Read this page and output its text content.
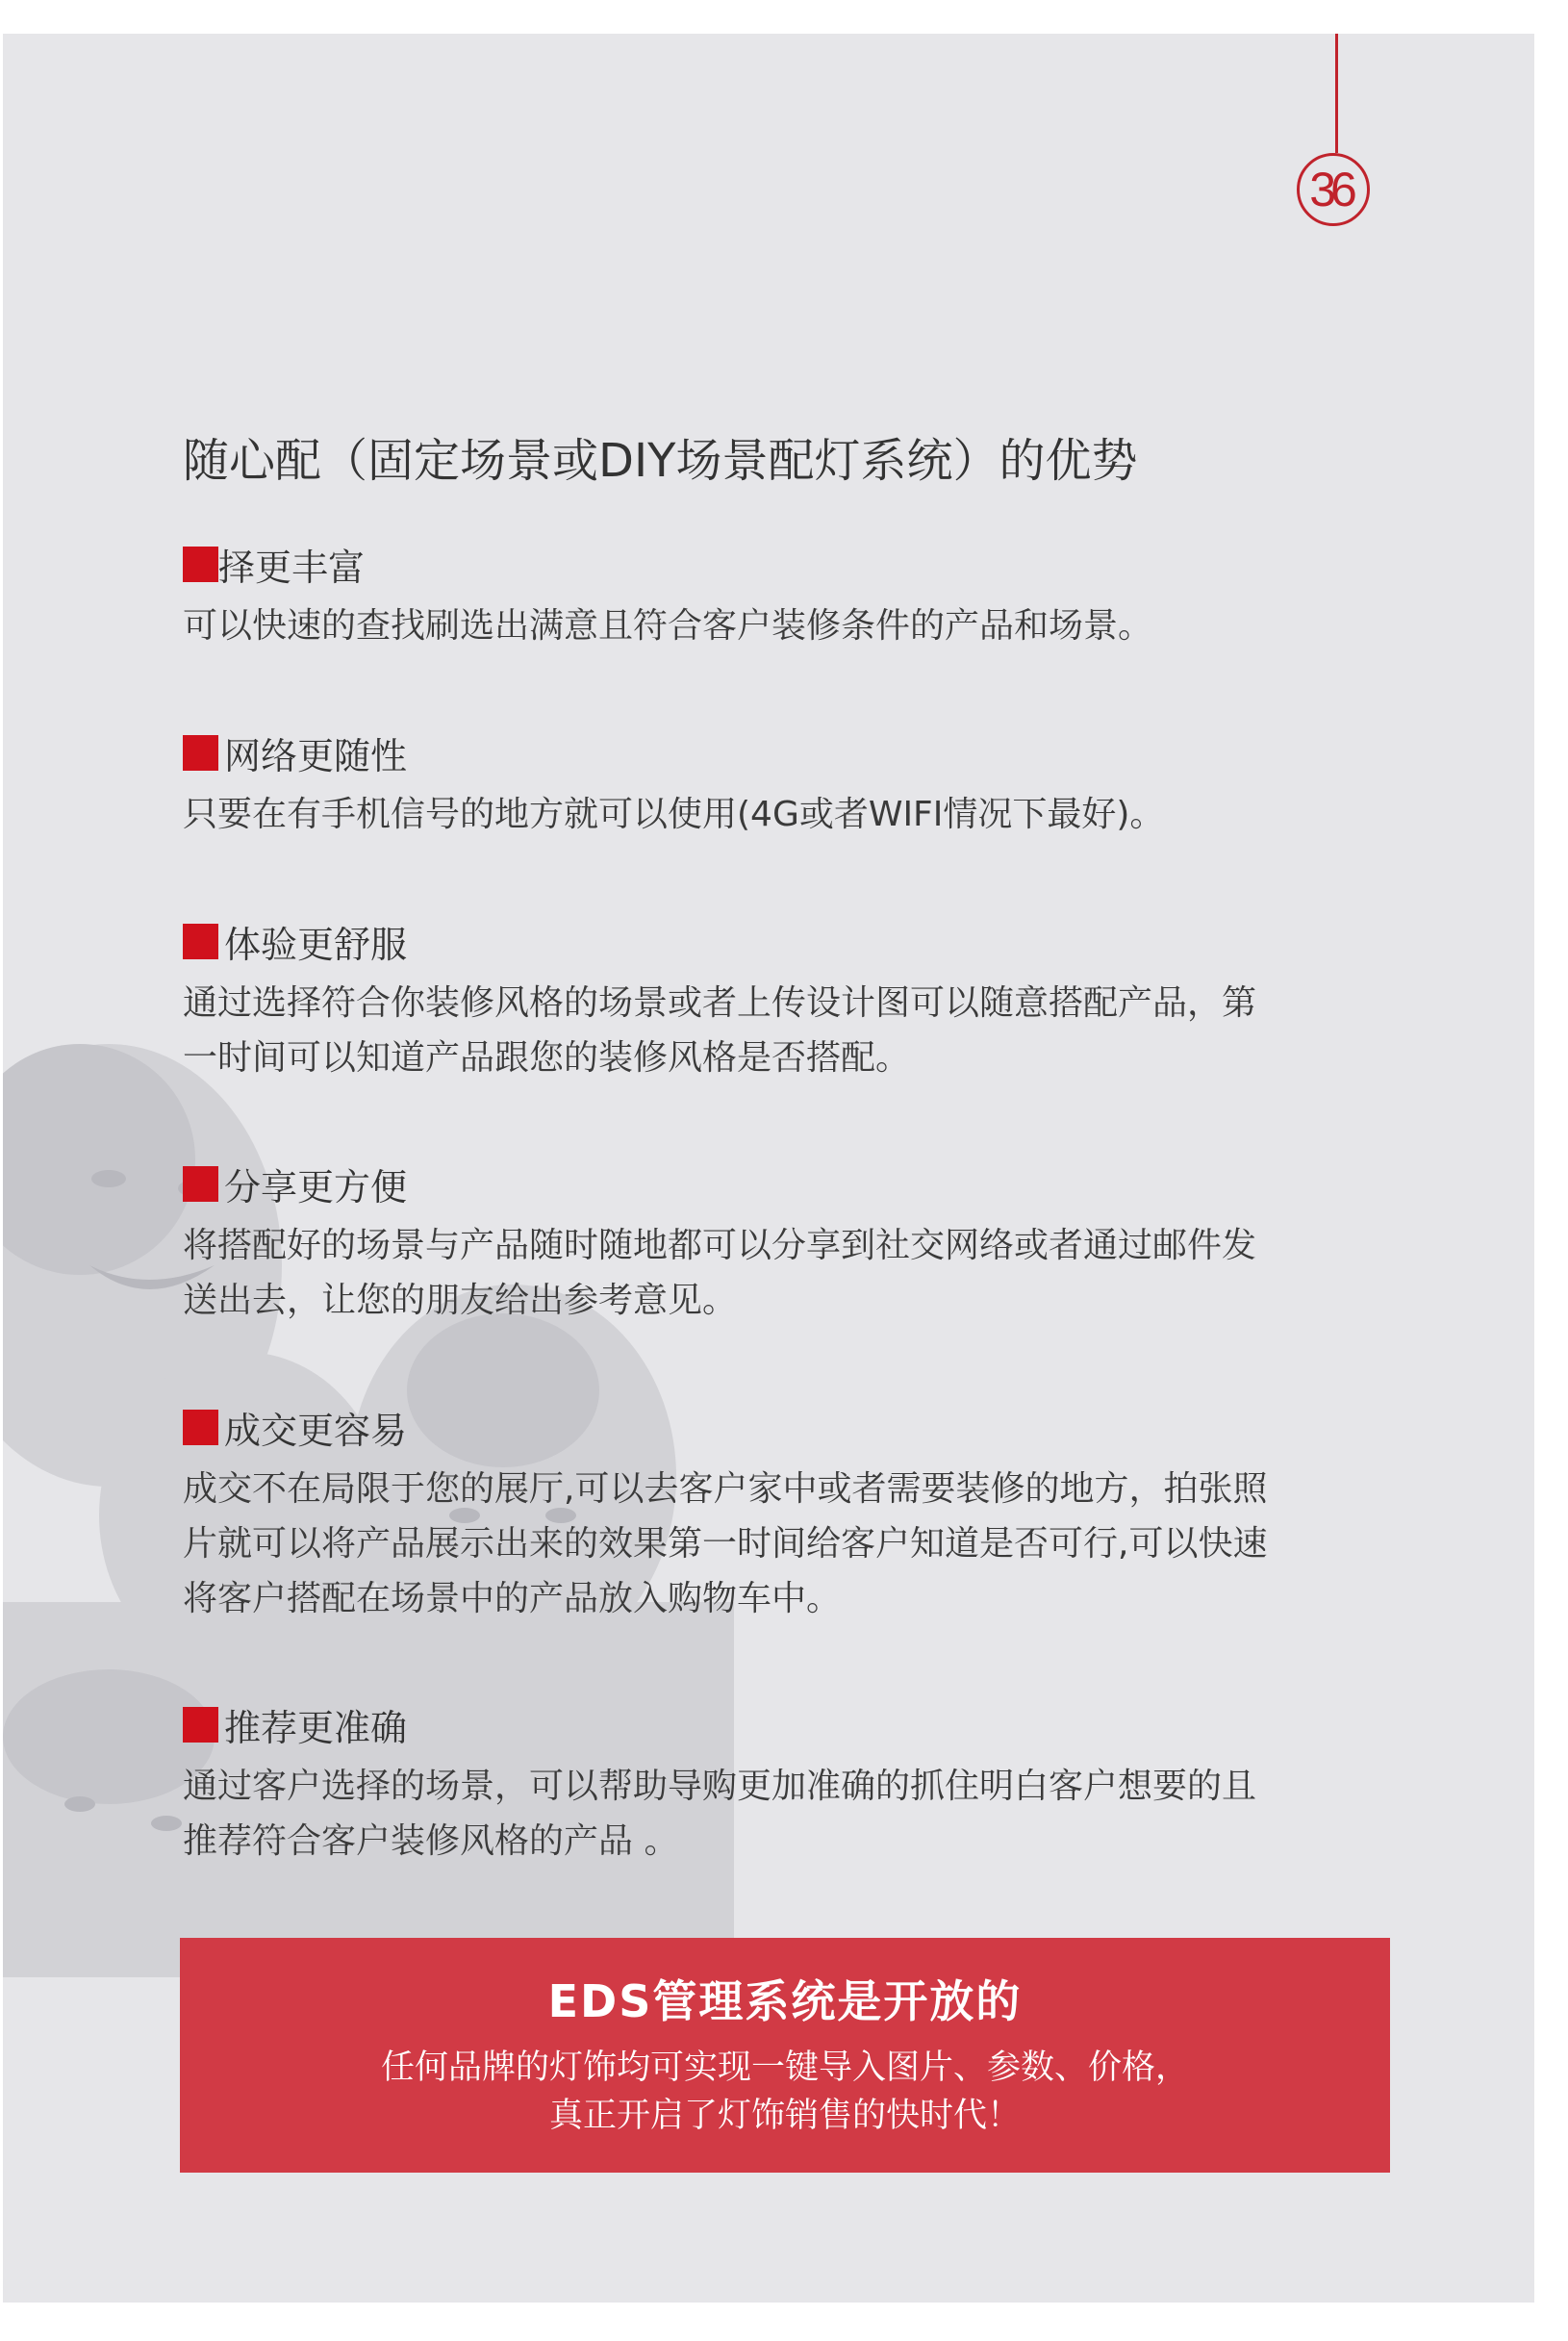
36
随心配（固定场景或DIY场景配灯系统）的优势
择更丰富

可以快速的查找刷选出满意且符合客户装修条件的产品和场景。

网络更随性

只要在有手机信号的地方就可以使用(4G或者WIFI情况下最好)。

体验更舒服

通过选择符合你装修风格的场景或者上传设计图可以随意搭配产品，第

一时间可以知道产品跟您的装修风格是否搭配。

分享更方便

将搭配好的场景与产品随时随地都可以分享到社交网络或者通过邮件发

送出去，让您的朋友给出参考意见。

成交更容易

成交不在局限于您的展厅,可以去客户家中或者需要装修的地方，拍张照

片就可以将产品展示出来的效果第一时间给客户知道是否可行,可以快速

将客户搭配在场景中的产品放入购物车中。

推荐更准确

通过客户选择的场景，可以帮助导购更加准确的抓住明白客户想要的且

推荐符合客户装修风格的产品 。

EDS管理系统是开放的
任何品牌的灯饰均可实现一键导入图片、参数、价格，
真正开启了灯饰销售的快时代！
